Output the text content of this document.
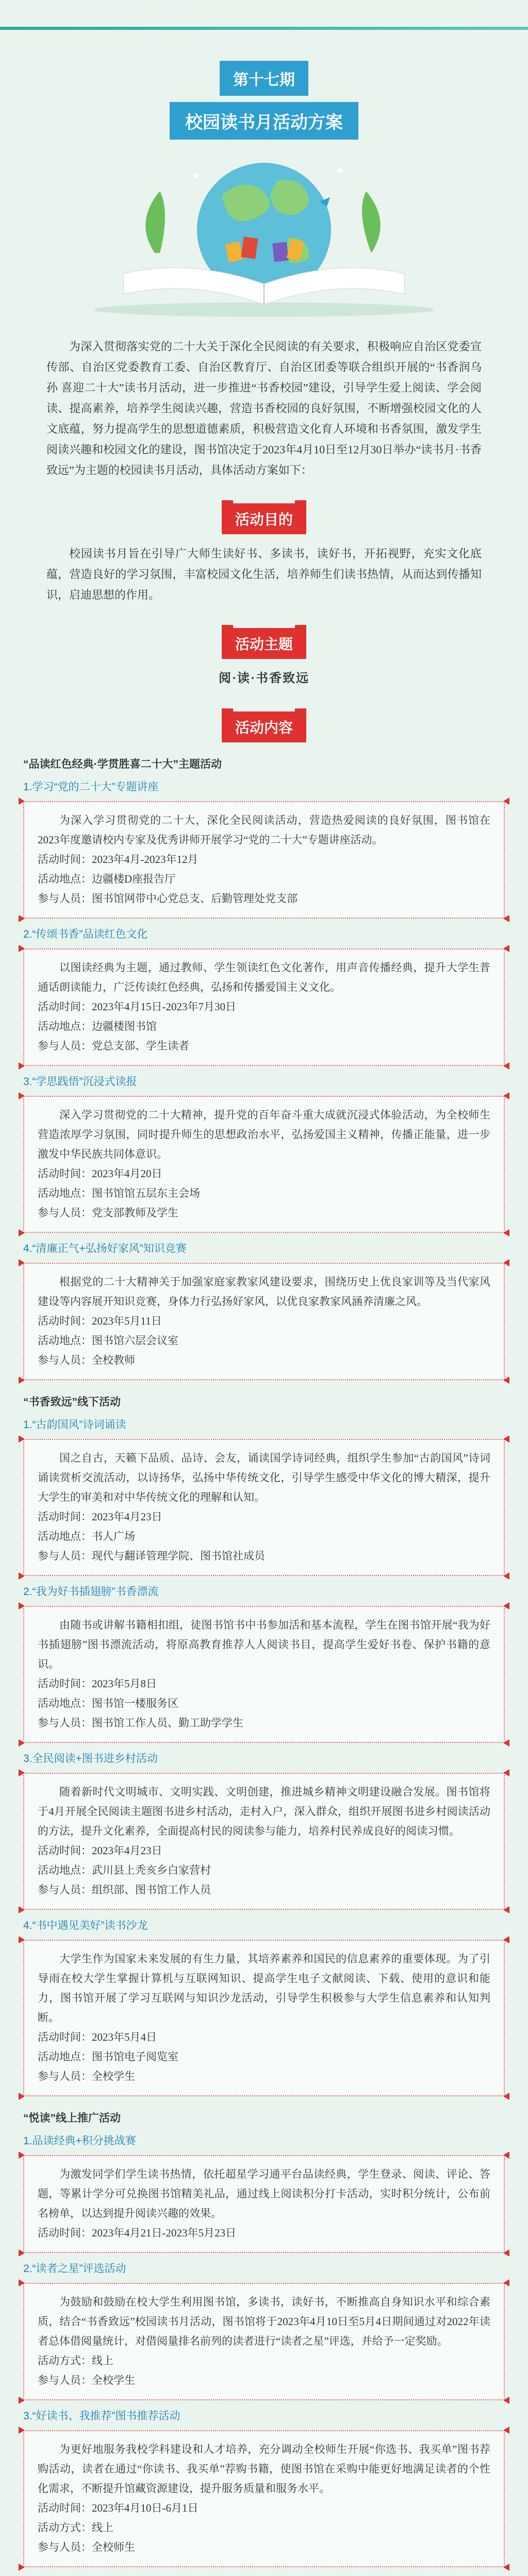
第十七期
校园读书月活动方案
为深入贯彻落实党的二十大关于深化全民阅读的有关要求，积极响应自治区党委宣传部、自治区党委教育工委、自治区教育厅、自治区团委等联合组织开展的“书香润乌孙 喜迎二十大”读书月活动，进一步推进“书香校园”建设，引导学生爱上阅读、学会阅读、提高素养，培养学生阅读兴趣，营造书香校园的良好氛围，不断增强校园文化的人文底蕴，努力提高学生的思想道德素质，积极营造文化育人环境和书香氛围，激发学生阅读兴趣和校园文化的建设，图书馆决定于2023年4月10日至12月30日举办“读书月·书香致远”为主题的校园读书月活动，具体活动方案如下：
活动目的
校园读书月旨在引导广大师生读好书、多读书，读好书，开拓视野，充实文化底蕴，营造良好的学习氛围，丰富校园文化生活，培养师生们读书热情，从而达到传播知识，启迪思想的作用。
活动主题
阅·读·书香致远
活动内容
“品读红色经典·学贯胜喜二十大”主题活动
1.学习“党的二十大”专题讲座

为深入学习贯彻党的二十大，深化全民阅读活动，营造热爱阅读的良好氛围，图书馆在2023年度邀请校内专家及优秀讲师开展学习“党的二十大”专题讲座活动。

活动时间：2023年4月-2023年12月

活动地点：边疆楼D座报告厅

参与人员：图书馆网带中心党总支、后勤管理处党支部

2.“传颂书香”品读红色文化

以图读经典为主题，通过教师、学生领读红色文化著作，用声音传播经典，提升大学生普通话朗读能力，广泛传读红色经典，弘扬和传播爱国主义文化。

活动时间：2023年4月15日-2023年7月30日

活动地点：边疆楼图书馆

参与人员：党总支部、学生读者

3.“学思践悟”沉浸式读报

深入学习贯彻党的二十大精神，提升党的百年奋斗重大成就沉浸式体验活动，为全校师生营造浓厚学习氛围，同时提升师生的思想政治水平，弘扬爱国主义精神，传播正能量，进一步激发中华民族共同体意识。

活动时间：2023年4月20日

活动地点：图书馆馆五层东主会场

参与人员：党支部教师及学生

4.“清廉正气+弘扬好家风”知识竞赛

根据党的二十大精神关于加强家庭家教家风建设要求，围绕历史上优良家训等及当代家风建设等内容展开知识竞赛，身体力行弘扬好家风，以优良家教家风涵养清廉之风。

活动时间：2023年5月11日

活动地点：图书馆六层会议室

参与人员：全校教师

“书香致远”线下活动
1.“古韵国风”诗词诵读

国之自古，天籁下品质、品诗、会友，诵读国学诗词经典，组织学生参加“古韵国风”诗词诵读赏析交流活动，以诗扬华，弘扬中华传统文化，引导学生感受中华文化的博大精深，提升大学生的审美和对中华传统文化的理解和认知。

活动时间：2023年4月23日

活动地点：书人广场

参与人员：现代与翻译管理学院、图书馆社成员

2.“我为好书插翅膀”书香漂流

由随书或讲解书籍相扣组，徒图书馆书中书参加活和基本流程，学生在图书馆开展“我为好书插翅膀”图书漂流活动，将原高教育推荐人人阅读书目，提高学生爱好书卷、保护书籍的意识。

活动时间：2023年5月8日

活动地点：图书馆一楼服务区

参与人员：图书馆工作人员、勤工助学学生

3.全民阅读+图书进乡村活动

随着新时代文明城市、文明实践、文明创建，推进城乡精神文明建设融合发展。图书馆将于4月开展全民阅读主题图书进乡村活动，走村入户，深入群众，组织开展图书进乡村阅读活动的方法，提升文化素养，全面提高村民的阅读参与能力，培养村民养成良好的阅读习惯。

活动时间：2023年4月23日

活动地点：武川县上秃亥乡白家营村

参与人员：组织部、图书馆工作人员

4.“书中遇见美好”读书沙龙

大学生作为国家未来发展的有生力量，其培养素养和国民的信息素养的重要体现。为了引导雨在校大学生掌握计算机与互联网知识、提高学生电子文献阅读、下载、使用的意识和能力，图书馆开展了学习互联网与知识沙龙活动，引导学生积极参与大学生信息素养和认知判断。

活动时间：2023年5月4日

活动地点：图书馆电子阅览室

参与人员：全校学生

“悦读”线上推广活动
1.品读经典+积分挑战赛

为激发同学们学生读书热情，依托超星学习通平台品读经典，学生登录、阅读、评论、答题，等累计学分可兑换图书馆精美礼品，通过线上阅读积分打卡活动，实时积分统计，公布前名榜单，以达到提升阅读兴趣的效果。

活动时间：2023年4月21日-2023年5月23日

2.“读者之星”评选活动

为鼓励和鼓励在校大学生利用图书馆，多读书，读好书，不断推高自身知识水平和综合素质，结合“书香致远”校园读书月活动，图书馆将于2023年4月10日至5月4日期间通过对2022年读者总体借阅量统计，对借阅量排名前列的读者进行“读者之星”评选，并给予一定奖励。

活动方式：线上

参与人员：全校学生

3.“好读书、我推荐”图书推荐活动

为更好地服务我校学科建设和人才培养，充分调动全校师生开展“你选书、我买单”图书荐购活动，读者在通过“你读书、我买单”荐购书籍，使图书馆在采购中能更好地满足读者的个性化需求，不断提升馆藏资源建设，提升服务质量和服务水平。

活动时间：2023年4月10日-6月1日

活动方式：线上

参与人员：全校师生
